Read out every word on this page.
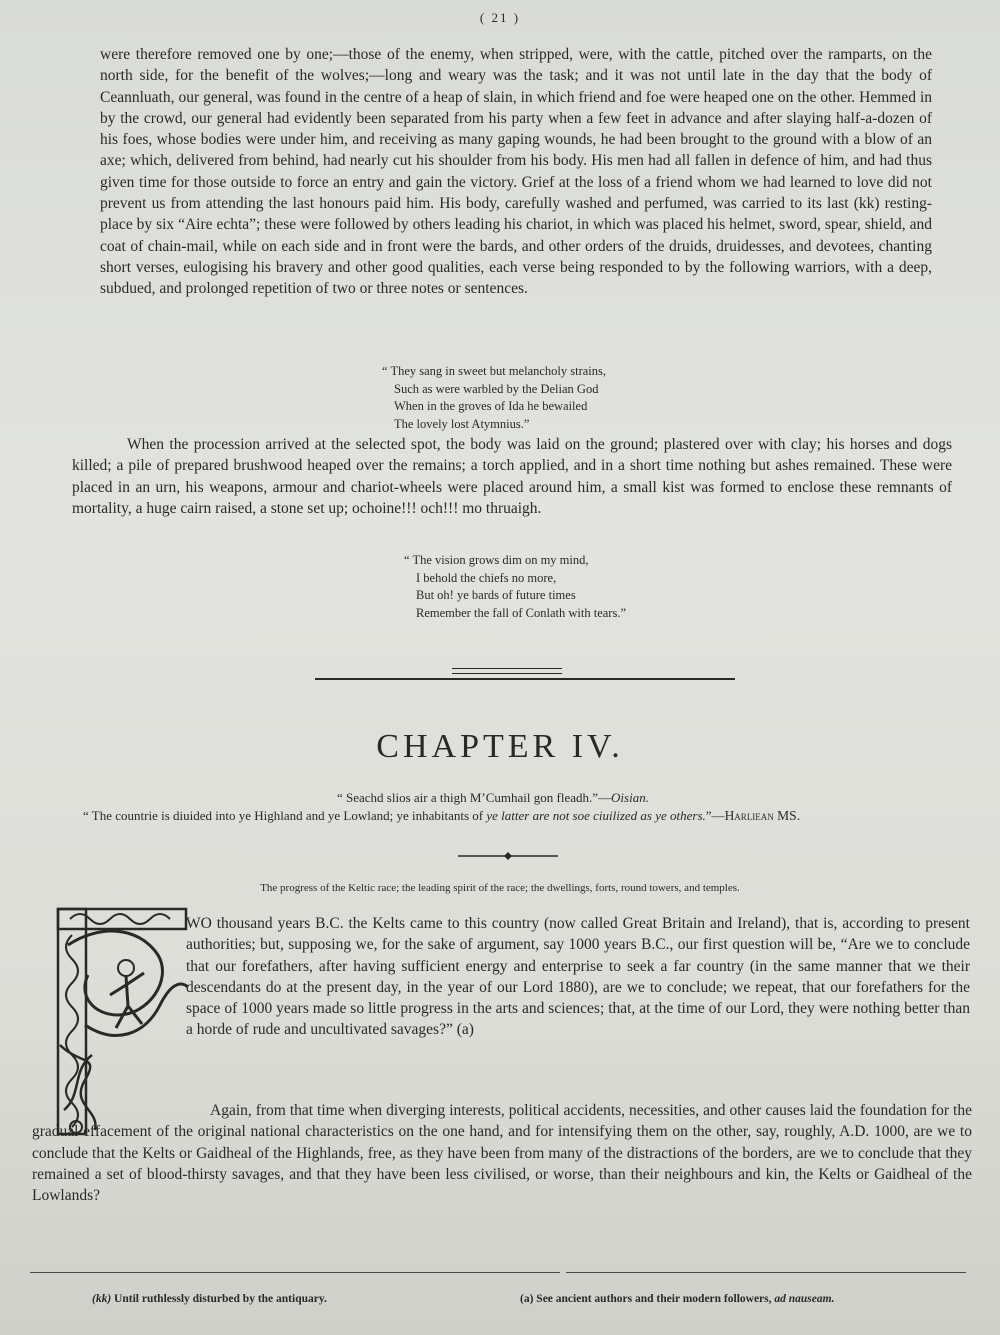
( 21 )

were therefore removed one by one;—those of the enemy, when stripped, were, with the cattle, pitched over the ramparts, on the north side, for the benefit of the wolves;—long and weary was the task; and it was not until late in the day that the body of Ceannluath, our general, was found in the centre of a heap of slain, in which friend and foe were heaped one on the other. Hemmed in by the crowd, our general had evidently been separated from his party when a few feet in advance and after slaying half-a-dozen of his foes, whose bodies were under him, and receiving as many gaping wounds, he had been brought to the ground with a blow of an axe; which, delivered from behind, had nearly cut his shoulder from his body. His men had all fallen in defence of him, and had thus given time for those outside to force an entry and gain the victory. Grief at the loss of a friend whom we had learned to love did not prevent us from attending the last honours paid him. His body, carefully washed and perfumed, was carried to its last (kk) resting-place by six “Aire echta”; these were followed by others leading his chariot, in which was placed his helmet, sword, spear, shield, and coat of chain-mail, while on each side and in front were the bards, and other orders of the druids, druidesses, and devotees, chanting short verses, eulogising his bravery and other good qualities, each verse being responded to by the following warriors, with a deep, subdued, and prolonged repetition of two or three notes or sentences.

“ They sang in sweet but melancholy strains,
Such as were warbled by the Delian God
When in the groves of Ida he bewailed
The lovely lost Atymnius.”

When the procession arrived at the selected spot, the body was laid on the ground; plastered over with clay; his horses and dogs killed; a pile of prepared brushwood heaped over the remains; a torch applied, and in a short time nothing but ashes remained. These were placed in an urn, his weapons, armour and chariot-wheels were placed around him, a small kist was formed to enclose these remnants of mortality, a huge cairn raised, a stone set up; ochoine!!! och!!! mo thruaigh.

“ The vision grows dim on my mind,
I behold the chiefs no more,
But oh! ye bards of future times
Remember the fall of Conlath with tears.”
CHAPTER IV.
“ Seachd slios air a thigh M’Cumhail gon fleadh.”—Oisian.
“ The countrie is diuided into ye Highland and ye Lowland; ye inhabitants of ye latter are not soe ciuilized as ye others.”—Harliean MS.
The progress of the Keltic race; the leading spirit of the race; the dwellings, forts, round towers, and temples.

WO thousand years B.C. the Kelts came to this country (now called Great Britain and Ireland), that is, according to present authorities; but, supposing we, for the sake of argument, say 1000 years B.C., our first question will be, “Are we to conclude that our forefathers, after having sufficient energy and enterprise to seek a far country (in the same manner that we their descendants do at the present day, in the year of our Lord 1880), are we to conclude; we repeat, that our forefathers for the space of 1000 years made so little progress in the arts and sciences; that, at the time of our Lord, they were nothing better than a horde of rude and uncultivated savages?” (a)

Again, from that time when diverging interests, political accidents, necessities, and other causes laid the foundation for the gradual effacement of the original national characteristics on the one hand, and for intensifying them on the other, say, roughly, A.D. 1000, are we to conclude that the Kelts or Gaidheal of the Highlands, free, as they have been from many of the distractions of the borders, are we to conclude that they remained a set of blood-thirsty savages, and that they have been less civilised, or worse, than their neighbours and kin, the Kelts or Gaidheal of the Lowlands?

(kk) Until ruthlessly disturbed by the antiquary.	(a) See ancient authors and their modern followers, ad nauseam.
